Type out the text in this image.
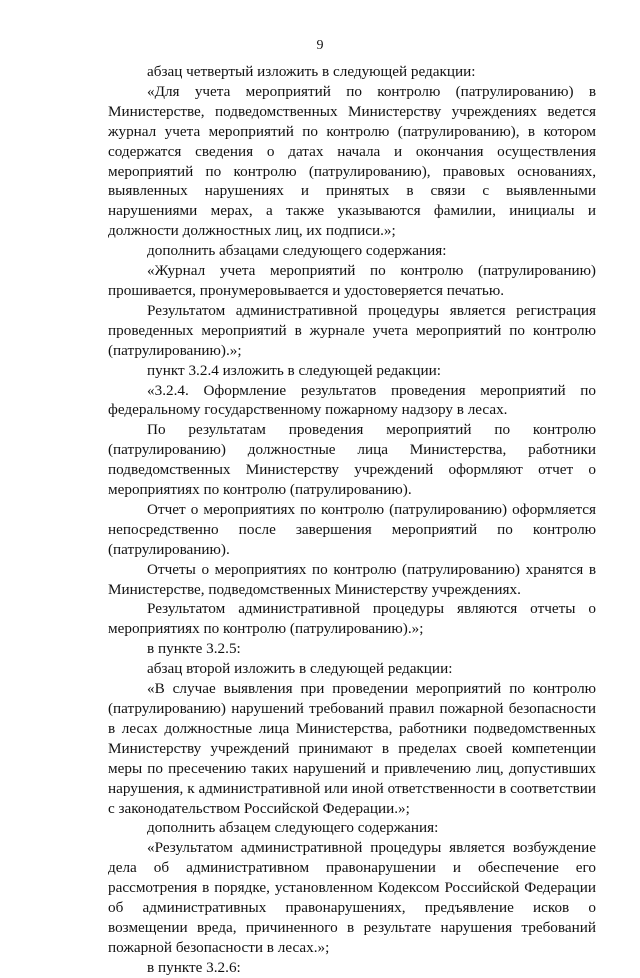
9

абзац четвертый изложить в следующей редакции:

«Для учета мероприятий по контролю (патрулированию) в Министерстве, подведомственных Министерству учреждениях ведется журнал учета мероприятий по контролю (патрулированию), в котором содержатся сведения о датах начала и окончания осуществления мероприятий по контролю (патрулированию), правовых основаниях, выявленных нарушениях и принятых в связи с выявленными нарушениями мерах, а также указываются фамилии, инициалы и должности должностных лиц, их подписи.»;

дополнить абзацами следующего содержания:

«Журнал учета мероприятий по контролю (патрулированию) прошивается, пронумеровывается и удостоверяется печатью.

Результатом административной процедуры является регистрация проведенных мероприятий в журнале учета мероприятий по контролю (патрулированию).»;

пункт 3.2.4 изложить в следующей редакции:

«3.2.4. Оформление результатов проведения мероприятий по федеральному государственному пожарному надзору в лесах.

По результатам проведения мероприятий по контролю (патрулированию) должностные лица Министерства, работники подведомственных Министерству учреждений оформляют отчет о мероприятиях по контролю (патрулированию).

Отчет о мероприятиях по контролю (патрулированию) оформляется непосредственно после завершения мероприятий по контролю (патрулированию).

Отчеты о мероприятиях по контролю (патрулированию) хранятся в Министерстве, подведомственных Министерству учреждениях.

Результатом административной процедуры являются отчеты о мероприятиях по контролю (патрулированию).»;

в пункте 3.2.5:

абзац второй изложить в следующей редакции:

«В случае выявления при проведении мероприятий по контролю (патрулированию) нарушений требований правил пожарной безопасности в лесах должностные лица Министерства, работники подведомственных Министерству учреждений принимают в пределах своей компетенции меры по пресечению таких нарушений и привлечению лиц, допустивших нарушения, к административной или иной ответственности в соответствии с законодательством Российской Федерации.»;

дополнить абзацем следующего содержания:

«Результатом административной процедуры является возбуждение дела об административном правонарушении и обеспечение его рассмотрения в порядке, установленном Кодексом Российской Федерации об административных правонарушениях, предъявление исков о возмещении вреда, причиненного в результате нарушения требований пожарной безопасности в лесах.»;

в пункте 3.2.6:
